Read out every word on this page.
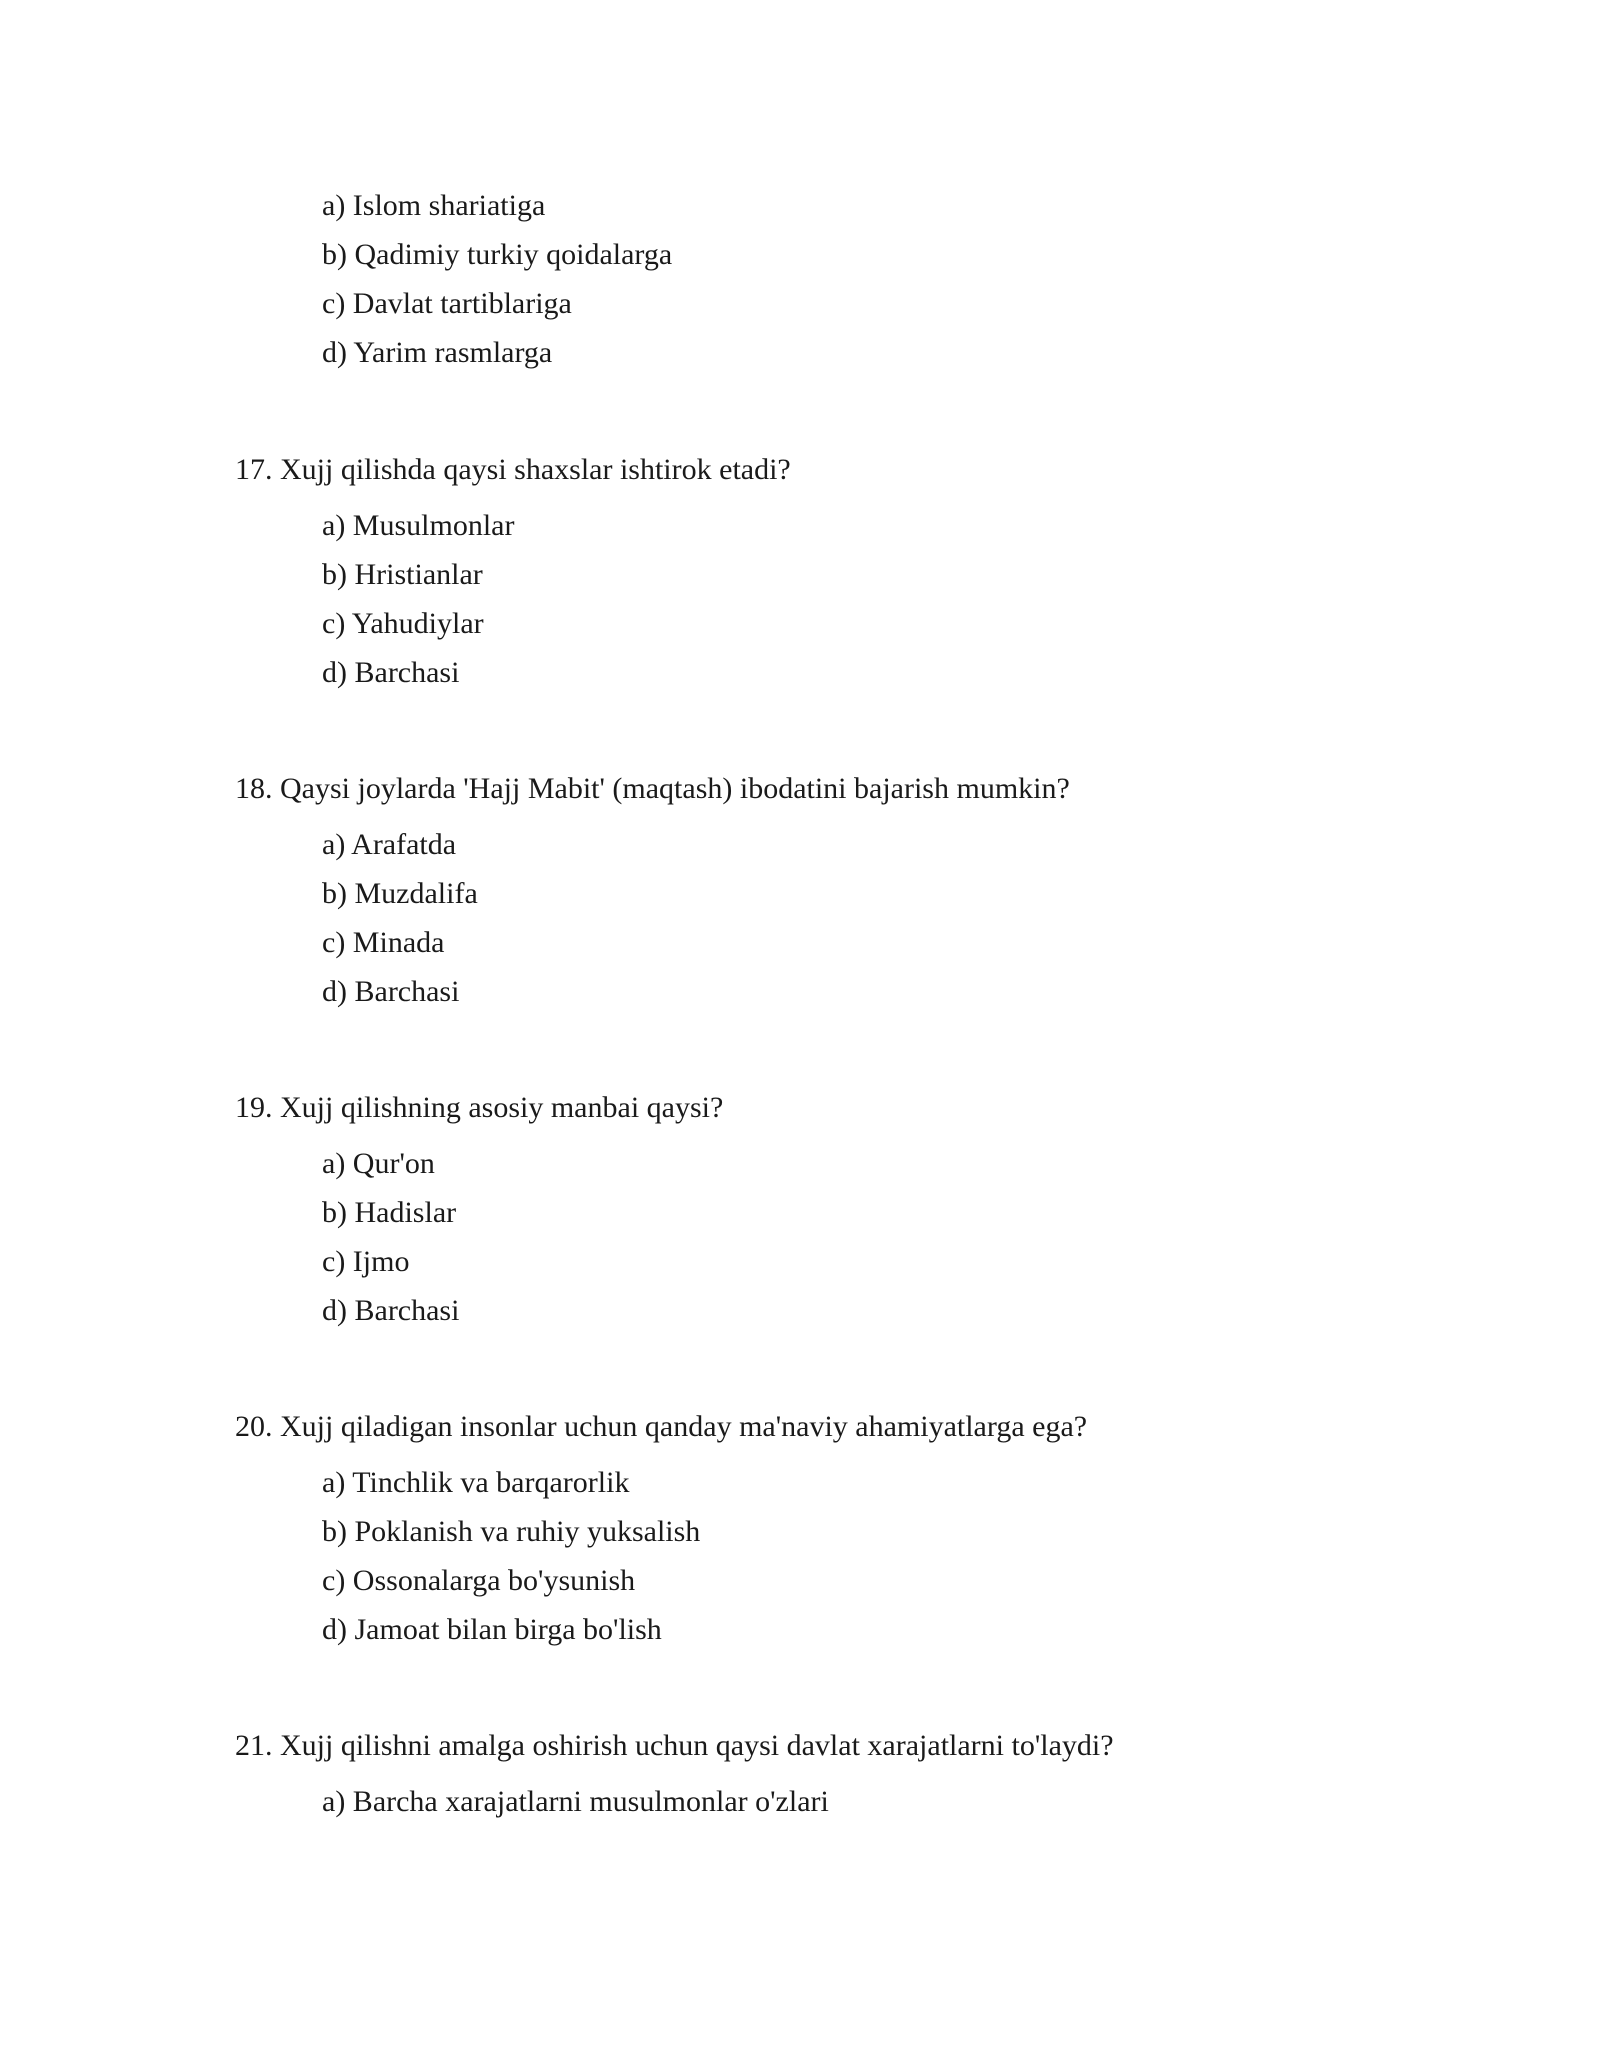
a) Islom shariatiga
b) Qadimiy turkiy qoidalarga
c) Davlat tartiblariga
d) Yarim rasmlarga
17. Xujj qilishda qaysi shaxslar ishtirok etadi?
a) Musulmonlar
b) Hristianlar
c) Yahudiylar
d) Barchasi
18. Qaysi joylarda 'Hajj Mabit' (maqtash) ibodatini bajarish mumkin?
a) Arafatda
b) Muzdalifa
c) Minada
d) Barchasi
19. Xujj qilishning asosiy manbai qaysi?
a) Qur'on
b) Hadislar
c) Ijmo
d) Barchasi
20. Xujj qiladigan insonlar uchun qanday ma'naviy ahamiyatlarga ega?
a) Tinchlik va barqarorlik
b) Poklanish va ruhiy yuksalish
c) Ossonalarga bo'ysunish
d) Jamoat bilan birga bo'lish
21. Xujj qilishni amalga oshirish uchun qaysi davlat xarajatlarni to'laydi?
a) Barcha xarajatlarni musulmonlar o'zlari
